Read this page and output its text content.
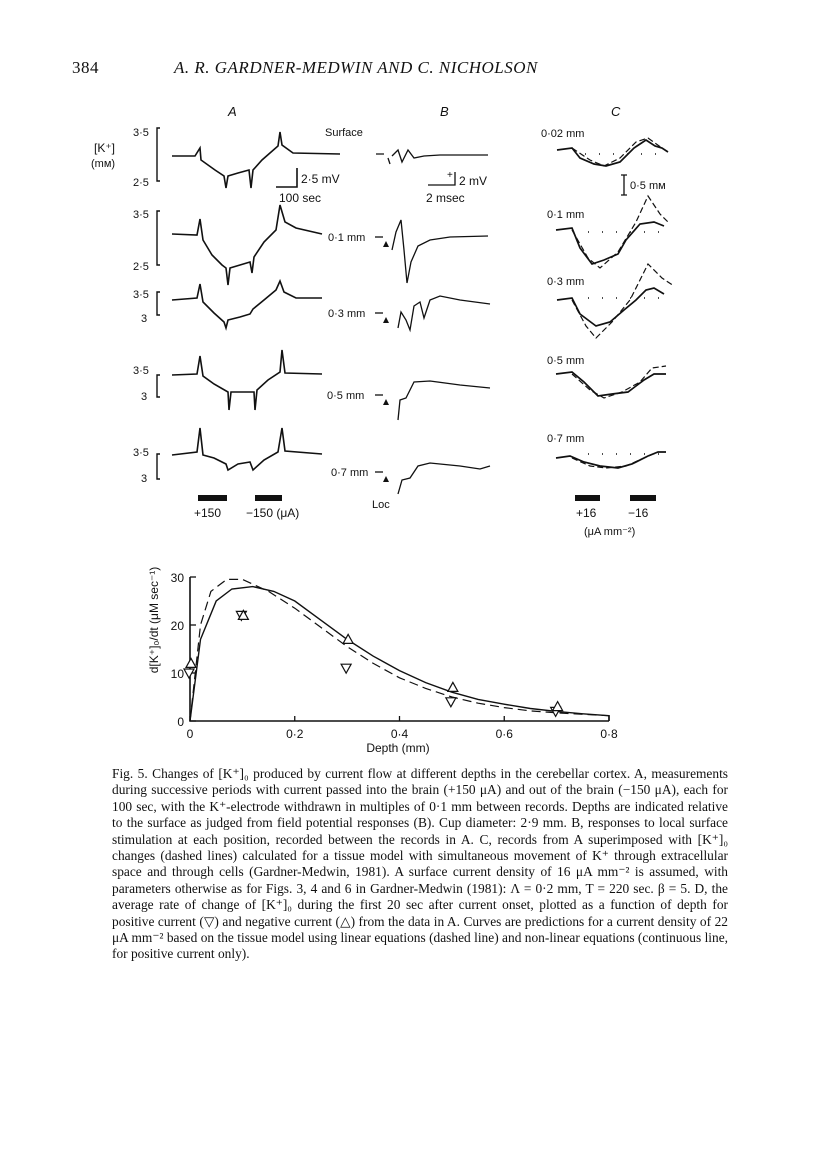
384	A. R. GARDNER-MEDWIN AND C. NICHOLSON
A	B	C
[K⁺]
(mм)
3·5
2·5	2·5 mV
100 sec
3·5
2·5
3·5
3
3·5
3
3·5
3
+150 −150 (μA)
Surface
+ 2 mV
2 msec
0·1 mm
0·3 mm
0·5 mm
0·7 mm
Loc
0·02 mm
0·5 mм
0·1 mm
0·3 mm
0·5 mm
0·7 mm
+16	−16
(μA mm⁻²)
0	0·2	0·4	0·6	0·8
0
10
20
30
Depth (mm)
d[K⁺]₀/dt (μM sec⁻¹)

Fig. 5. Changes of [K⁺]₀ produced by current flow at different depths in the cerebellar cortex. A, measurements during successive periods with current passed into the brain (+150 μA) and out of the brain (−150 μA), each for 100 sec, with the K⁺-electrode withdrawn in multiples of 0·1 mm between records. Depths are indicated relative to the surface as judged from field potential responses (B). Cup diameter: 2·9 mm. B, responses to local surface stimulation at each position, recorded between the records in A. C, records from A superimposed with [K⁺]₀ changes (dashed lines) calculated for a tissue model with simultaneous movement of K⁺ through extracellular space and through cells (Gardner-Medwin, 1981). A surface current density of 16 μA mm⁻² is assumed, with parameters otherwise as for Figs. 3, 4 and 6 in Gardner-Medwin (1981): Λ = 0·2 mm, T = 220 sec. β = 5. D, the average rate of change of [K⁺]₀ during the first 20 sec after current onset, plotted as a function of depth for positive current (▽) and negative current (△) from the data in A. Curves are predictions for a current density of 22 μA mm⁻² based on the tissue model using linear equations (dashed line) and non-linear equations (continuous line, for positive current only).
